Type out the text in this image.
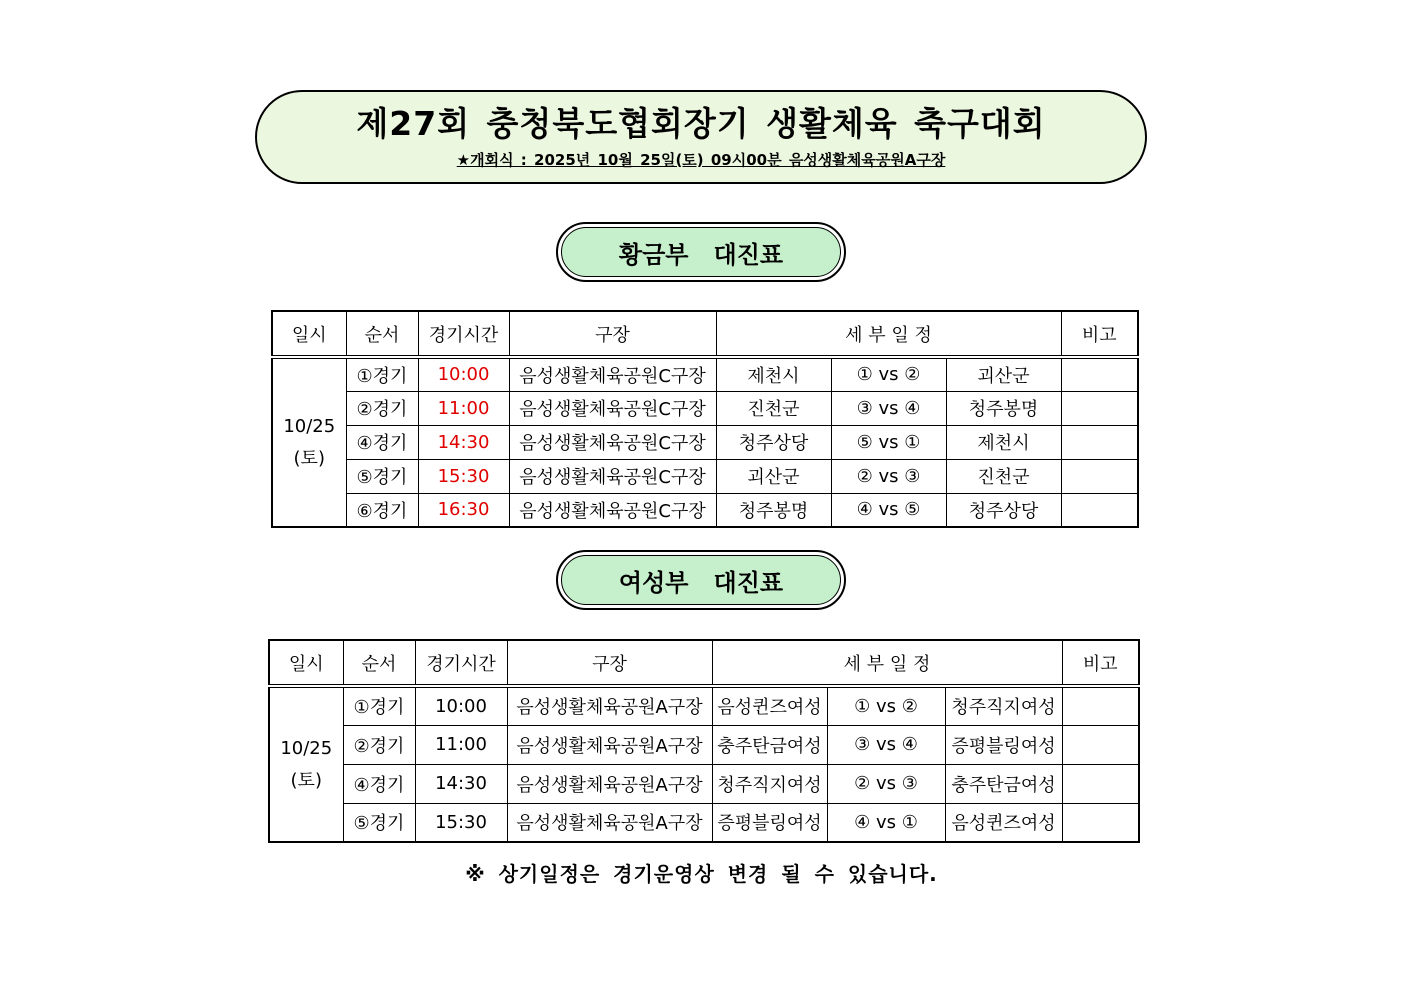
제27회 충청북도협회장기 생활체육 축구대회
★개회식 : 2025년 10월 25일(토) 09시00분 음성생활체육공원A구장
황금부   대진표
일시	순서	경기시간	구장	세 부 일 정			비고
10/25
(토)	①경기	10:00	음성생활체육공원C구장	제천시	① vs ②	괴산군	
	②경기	11:00	음성생활체육공원C구장	진천군	③ vs ④	청주봉명	
	④경기	14:30	음성생활체육공원C구장	청주상당	⑤ vs ①	제천시	
	⑤경기	15:30	음성생활체육공원C구장	괴산군	② vs ③	진천군	
	⑥경기	16:30	음성생활체육공원C구장	청주봉명	④ vs ⑤	청주상당	
여성부   대진표
일시	순서	경기시간	구장	세 부 일 정			비고
10/25
(토)	①경기	10:00	음성생활체육공원A구장	음성퀸즈여성	① vs ②	청주직지여성	
	②경기	11:00	음성생활체육공원A구장	충주탄금여성	③ vs ④	증평블링여성	
	④경기	14:30	음성생활체육공원A구장	청주직지여성	② vs ③	충주탄금여성	
	⑤경기	15:30	음성생활체육공원A구장	증평블링여성	④ vs ①	음성퀸즈여성	
※ 상기일정은 경기운영상 변경 될 수 있습니다.
